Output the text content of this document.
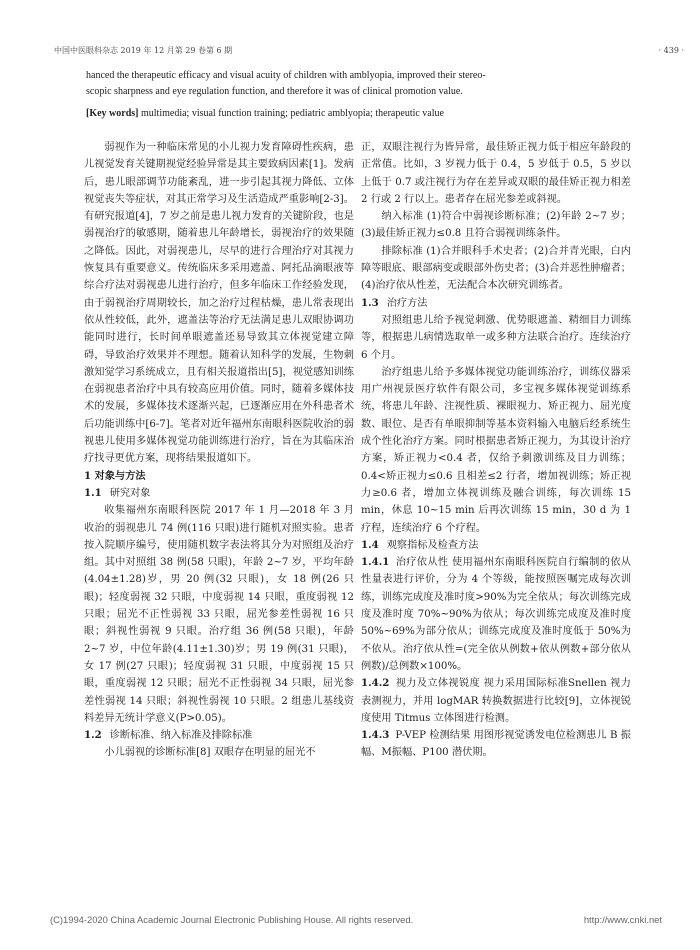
中国中医眼科杂志 2019 年 12 月第 29 卷第 6 期	· 439 ·

hanced the therapeutic efficacy and visual acuity of children with amblyopia, improved their stereo-

scopic sharpness and eye regulation function, and therefore it was of clinical promotion value.

[Key words] multimedia; visual function training; pediatric amblyopia; therapeutic value

弱视作为一种临床常见的小儿视力发育障碍性疾病，患儿视觉发育关键期视觉经验异常是其主要致病因素[1]。发病后，患儿眼部调节功能紊乱，进一步引起其视力降低、立体视觉丧失等症状，对其正常学习及生活造成严重影响[2-3]。有研究报道[4]，7 岁之前是患儿视力发育的关键阶段，也是弱视治疗的敏感期，随着患儿年龄增长，弱视治疗的效果随之降低。因此，对弱视患儿，尽早的进行合理治疗对其视力恢复具有重要意义。传统临床多采用遮盖、阿托品滴眼液等综合疗法对弱视患儿进行治疗，但多年临床工作经验发现，由于弱视治疗周期较长，加之治疗过程枯燥，患儿常表现出依从性较低，此外，遮盖法等治疗无法满足患儿双眼协调功能同时进行，长时间单眼遮盖还易导致其立体视觉建立障碍，导致治疗效果并不理想。随着认知科学的发展，生物刺激知觉学习系统成立，且有相关报道指出[5]，视觉感知训练在弱视患者治疗中具有较高应用价值。同时，随着多媒体技术的发展，多媒体技术逐渐兴起，已逐渐应用在外科患者术后功能训练中[6-7]。笔者对近年福州东南眼科医院收治的弱视患儿使用多媒体视觉功能训练进行治疗，旨在为其临床治疗找寻更优方案，现将结果报道如下。

1 对象与方法

1.1 研究对象

收集福州东南眼科医院 2017 年 1 月—2018 年 3 月收治的弱视患儿 74 例(116 只眼)进行随机对照实验。患者按入院顺序编号，使用随机数字表法将其分为对照组及治疗组。其中对照组 38 例(58 只眼)，年龄 2~7 岁，平均年龄 (4.04±1.28)岁，男 20 例(32 只眼)，女 18 例(26 只眼)；轻度弱视 32 只眼，中度弱视 14 只眼，重度弱视 12 只眼；屈光不正性弱视 33 只眼，屈光参差性弱视 16 只眼；斜视性弱视 9 只眼。治疗组 36 例(58 只眼)，年龄 2~7 岁，中位年龄(4.11±1.30)岁；男 19 例(31 只眼)，女 17 例(27 只眼)；轻度弱视 31 只眼，中度弱视 15 只眼，重度弱视 12 只眼；屈光不正性弱视 34 只眼，屈光参差性弱视 14 只眼；斜视性弱视 10 只眼。2 组患儿基线资料差异无统计学意义(P>0.05)。

1.2 诊断标准、纳入标准及排除标准

小儿弱视的诊断标准[8] 双眼存在明显的屈光不

正，双眼注视行为皆异常，最佳矫正视力低于相应年龄段的正常值。比如，3 岁视力低于 0.4，5 岁低于 0.5，5 岁以上低于 0.7 或注视行为存在差异或双眼的最佳矫正视力相差 2 行或 2 行以上。患者存在屈光参差或斜视。

纳入标准 (1)符合中弱视诊断标准；(2)年龄 2~7 岁；(3)最佳矫正视力≤0.8 且符合弱视训练条件。

排除标准 (1)合并眼科手术史者；(2)合并青光眼，白内障等眼底、眼部病变或眼部外伤史者；(3)合并恶性肿瘤者；(4)治疗依从性差，无法配合本次研究训练者。

1.3 治疗方法

对照组患儿给予视觉刺激、优势眼遮盖、精细目力训练等，根据患儿病情选取单一或多种方法联合治疗。连续治疗 6 个月。

治疗组患儿给予多媒体视觉功能训练治疗，训练仪器采用广州视景医疗软件有限公司，多宝视多媒体视觉训练系统，将患儿年龄、注视性质、裸眼视力、矫正视力、屈光度数、眼位、是否有单眼抑制等基本资料输入电脑后经系统生成个性化治疗方案。同时根据患者矫正视力，为其设计治疗方案，矫正视力<0.4 者，仅给予刺激训练及目力训练；0.4<矫正视力≤0.6 且相差≤2 行者，增加视训练；矫正视力≥0.6 者，增加立体视训练及融合训练，每次训练 15 min，休息 10~15 min 后再次训练 15 min，30 d 为 1 疗程，连续治疗 6 个疗程。

1.4 观察指标及检查方法

1.4.1 治疗依从性 使用福州东南眼科医院自行编制的依从性量表进行评价，分为 4 个等级，能按照医嘱完成每次训练，训练完成度及准时度>90%为完全依从；每次训练完成度及准时度 70%~90%为依从；每次训练完成度及准时度 50%~69%为部分依从；训练完成度及准时度低于 50%为不依从。治疗依从性=(完全依从例数+依从例数+部分依从例数)/总例数×100%。

1.4.2 视力及立体视锐度 视力采用国际标准Snellen 视力表测视力，并用 logMAR 转换数据进行比较[9]，立体视锐度使用 Titmus 立体图进行检测。

1.4.3 P-VEP 检测结果 用图形视觉诱发电位检测患儿 B 振幅、M振幅、P100 潜伏期。

(C)1994-2020 China Academic Journal Electronic Publishing House. All rights reserved.	http://www.cnki.net
